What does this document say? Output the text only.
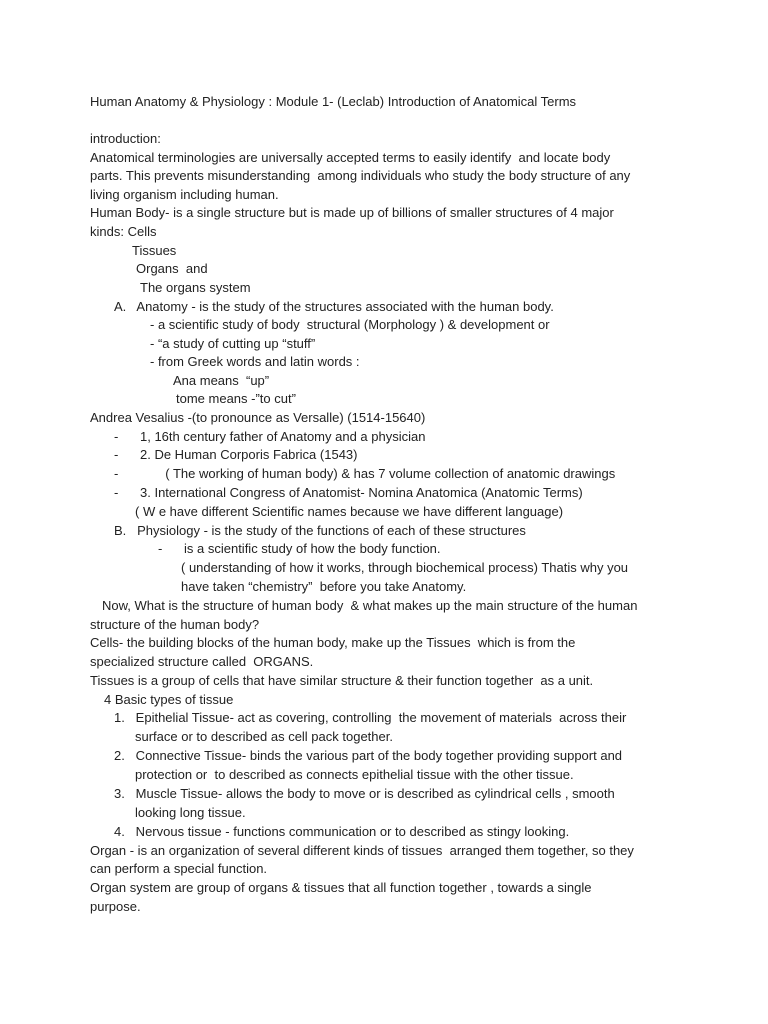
Human Anatomy & Physiology : Module 1- (Leclab) Introduction of Anatomical Terms

introduction:

Anatomical terminologies are universally accepted terms to easily identify  and locate body

parts. This prevents misunderstanding  among individuals who study the body structure of any

living organism including human.

Human Body- is a single structure but is made up of billions of smaller structures of 4 major

kinds: Cells

Tissues

Organs  and

The organs system

A.   Anatomy - is the study of the structures associated with the human body.

- a scientific study of body  structural (Morphology ) & development or

- “a study of cutting up “stuff”

- from Greek words and latin words :

Ana means  “up”

tome means -”to cut”

Andrea Vesalius -(to pronounce as Versalle) (1514-15640)

-      1, 16th century father of Anatomy and a physician

-      2. De Human Corporis Fabrica (1543)

-             ( The working of human body) & has 7 volume collection of anatomic drawings

-      3. International Congress of Anatomist- Nomina Anatomica (Anatomic Terms)

( W e have different Scientific names because we have different language)

B.   Physiology - is the study of the functions of each of these structures

-      is a scientific study of how the body function.

( understanding of how it works, through biochemical process) Thatis why you

have taken “chemistry”  before you take Anatomy.

Now, What is the structure of human body  & what makes up the main structure of the human

structure of the human body?

Cells- the building blocks of the human body, make up the Tissues  which is from the

specialized structure called  ORGANS.

Tissues is a group of cells that have similar structure & their function together  as a unit.

4 Basic types of tissue

1.   Epithelial Tissue- act as covering, controlling  the movement of materials  across their

surface or to described as cell pack together.

2.   Connective Tissue- binds the various part of the body together providing support and

protection or  to described as connects epithelial tissue with the other tissue.

3.   Muscle Tissue- allows the body to move or is described as cylindrical cells , smooth

looking long tissue.

4.   Nervous tissue - functions communication or to described as stingy looking.

Organ - is an organization of several different kinds of tissues  arranged them together, so they

can perform a special function.

Organ system are group of organs & tissues that all function together , towards a single

purpose.
